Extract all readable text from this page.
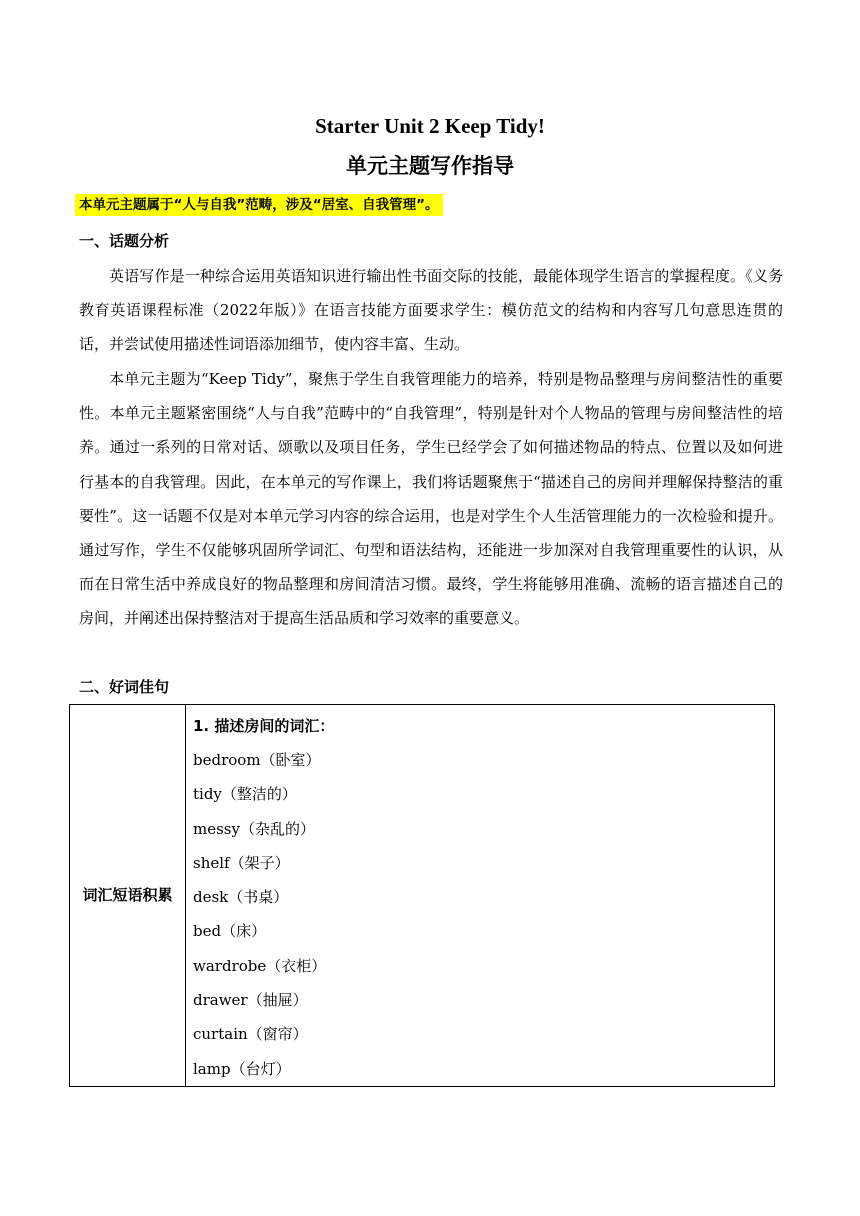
Starter Unit 2 Keep Tidy!
单元主题写作指导
本单元主题属于“人与自我”范畴，涉及“居室、自我管理”。
一、话题分析
英语写作是一种综合运用英语知识进行输出性书面交际的技能，最能体现学生语言的掌握程度。《义务教育英语课程标准（2022年版）》在语言技能方面要求学生：模仿范文的结构和内容写几句意思连贯的话，并尝试使用描述性词语添加细节，使内容丰富、生动。
本单元主题为“Keep Tidy”，聚焦于学生自我管理能力的培养，特别是物品整理与房间整洁性的重要性。本单元主题紧密围绕“人与自我”范畴中的“自我管理”，特别是针对个人物品的管理与房间整洁性的培养。通过一系列的日常对话、颂歌以及项目任务，学生已经学会了如何描述物品的特点、位置以及如何进行基本的自我管理。因此，在本单元的写作课上，我们将话题聚焦于“描述自己的房间并理解保持整洁的重要性”。这一话题不仅是对本单元学习内容的综合运用，也是对学生个人生活管理能力的一次检验和提升。通过写作，学生不仅能够巩固所学词汇、句型和语法结构，还能进一步加深对自我管理重要性的认识，从而在日常生活中养成良好的物品整理和房间清洁习惯。最终，学生将能够用准确、流畅的语言描述自己的房间，并阐述出保持整洁对于提高生活品质和学习效率的重要意义。
二、好词佳句
词汇短语积累	
1. 描述房间的词汇：
bedroom（卧室）
tidy（整洁的）
messy（杂乱的）
shelf（架子）
desk（书桌）
bed（床）
wardrobe（衣柜）
drawer（抽屉）
curtain（窗帘）
lamp（台灯）
